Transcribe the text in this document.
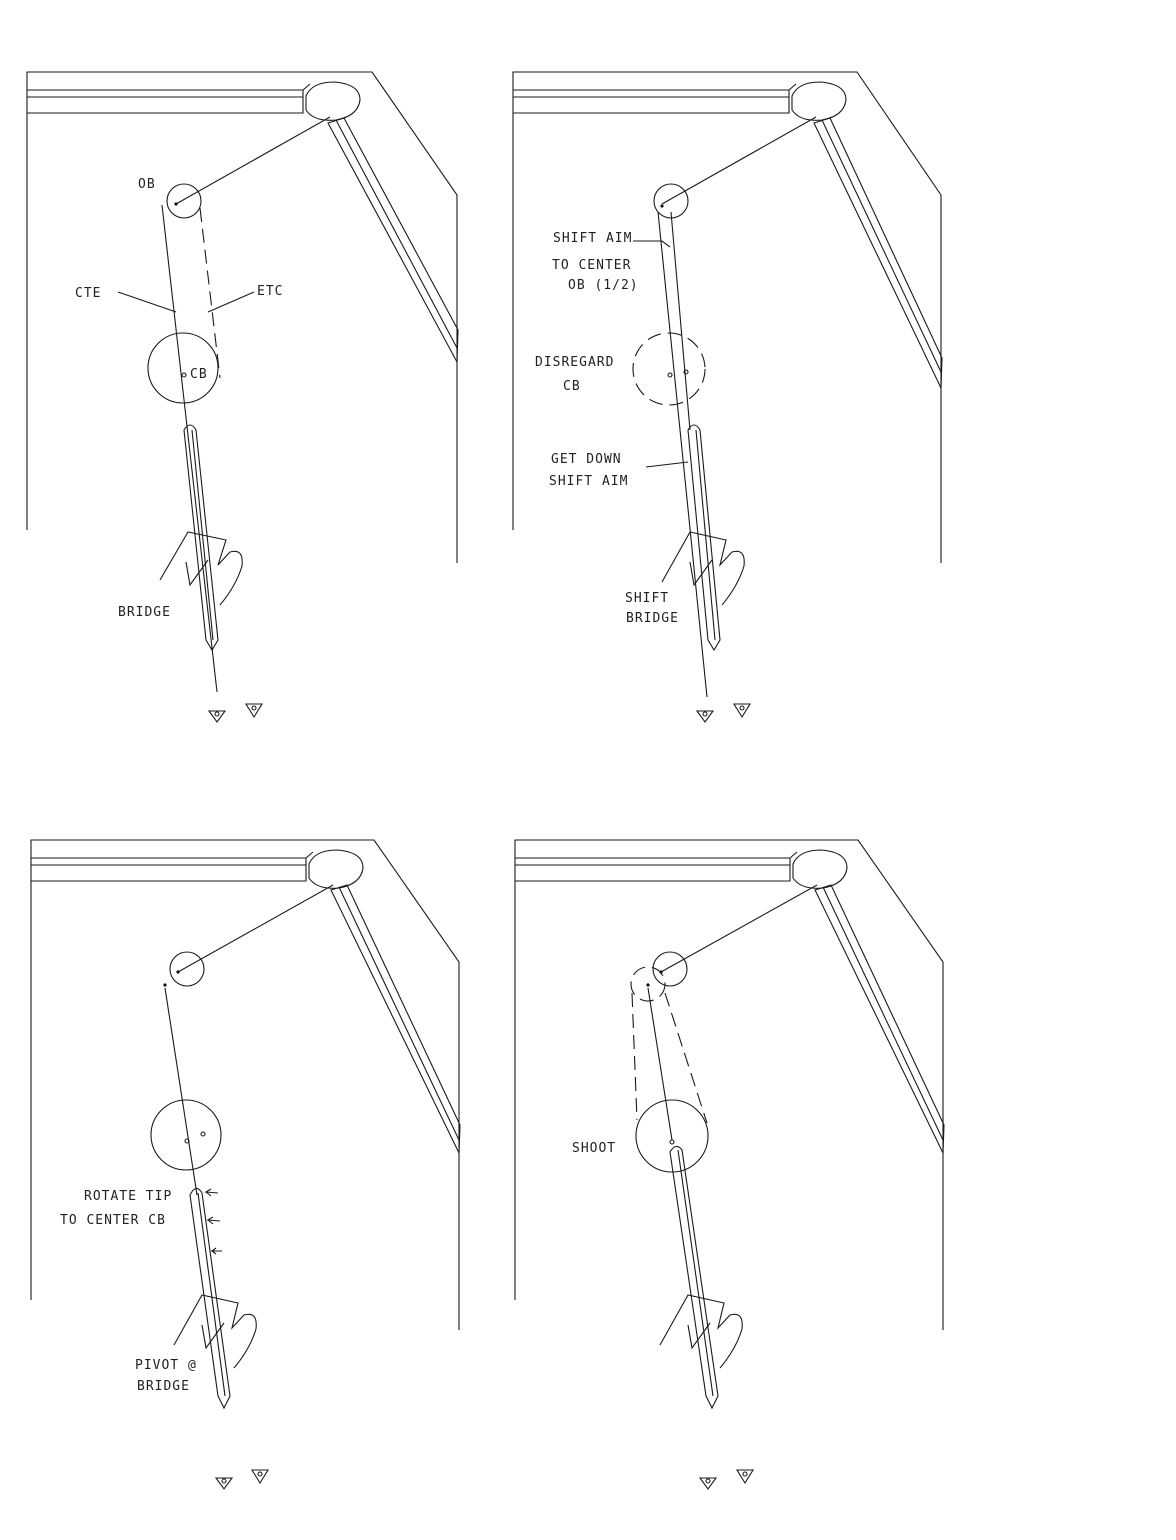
OB
CTE	ETC
CB
BRIDGE
SHIFT AIM
TO CENTER
OB (1/2)
DISREGARD
CB
GET DOWN
SHIFT AIM
SHIFT
BRIDGE
ROTATE TIP
TO CENTER CB
PIVOT @
BRIDGE
SHOOT
